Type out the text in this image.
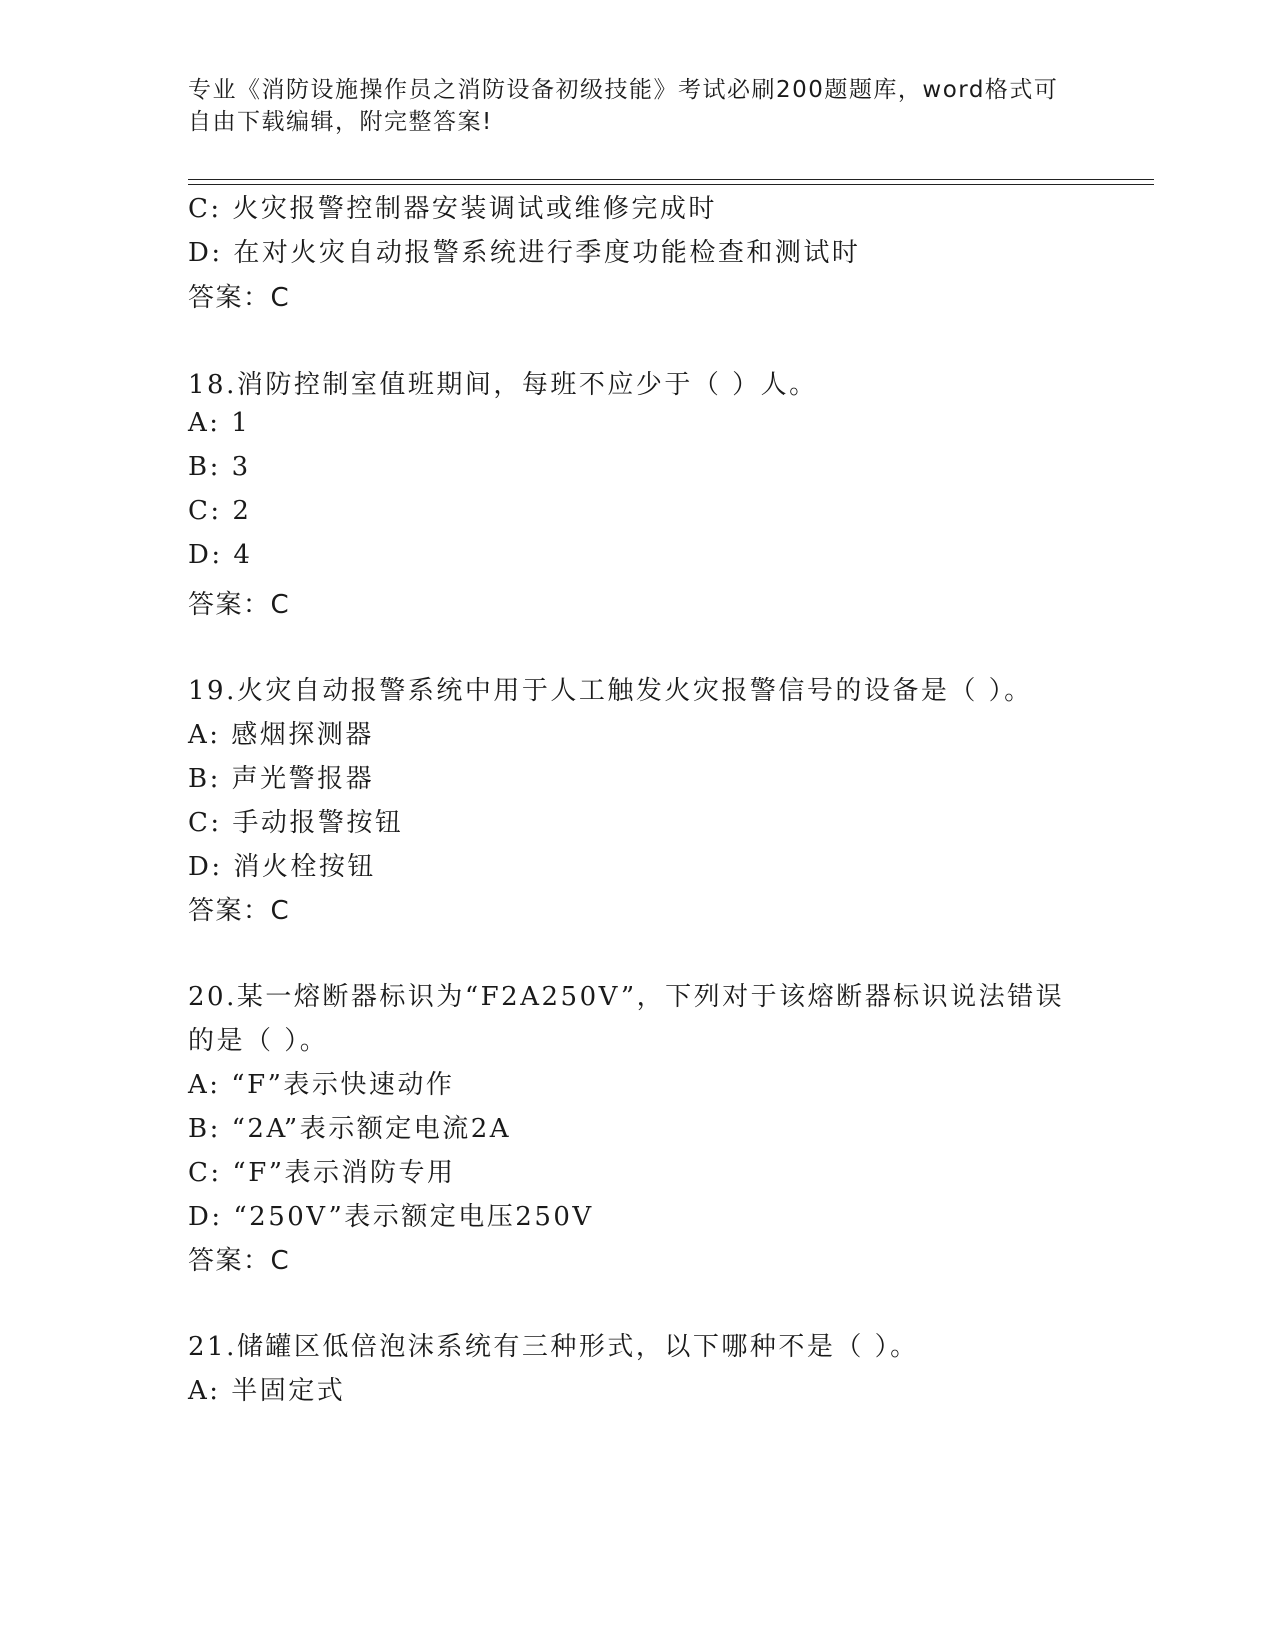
专业《消防设施操作员之消防设备初级技能》考试必刷200题题库，word格式可

自由下载编辑，附完整答案!

C: 火灾报警控制器安装调试或维修完成时
D: 在对火灾自动报警系统进行季度功能检查和测试时
答案：C
18.消防控制室值班期间，每班不应少于（ ）人。
A: 1
B: 3
C: 2
D: 4
答案：C
19.火灾自动报警系统中用于人工触发火灾报警信号的设备是（ ）。
A: 感烟探测器
B: 声光警报器
C: 手动报警按钮
D: 消火栓按钮
答案：C
20.某一熔断器标识为“F2A250V”，下列对于该熔断器标识说法错误
的是（ ）。
A: “F”表示快速动作
B: “2A”表示额定电流2A
C: “F”表示消防专用
D: “250V”表示额定电压250V
答案：C
21.储罐区低倍泡沫系统有三种形式，以下哪种不是（ ）。
A: 半固定式
